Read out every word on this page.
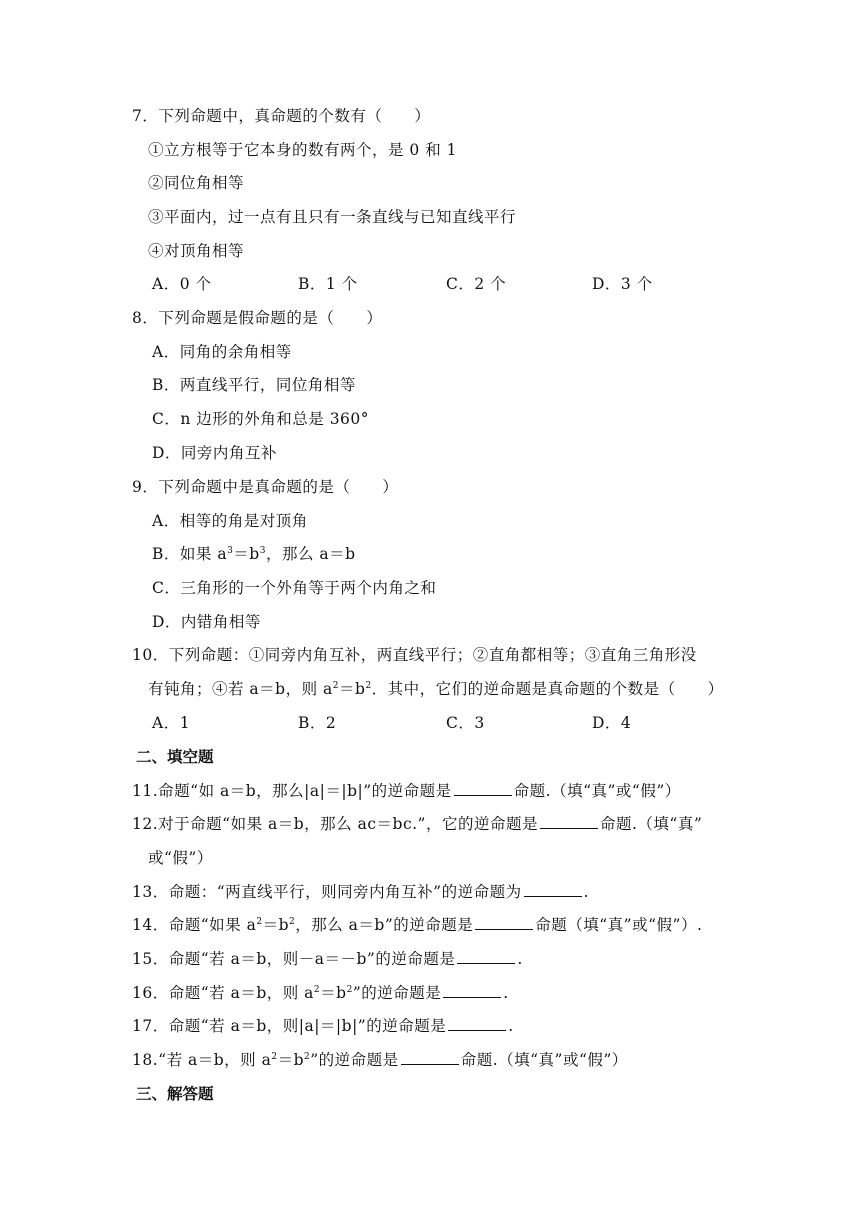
7．下列命题中，真命题的个数有（　　）
①立方根等于它本身的数有两个，是 0 和 1
②同位角相等
③平面内，过一点有且只有一条直线与已知直线平行
④对顶角相等
A．0 个	B．1 个	C．2 个	D．3 个
8．下列命题是假命题的是（　　）
A．同角的余角相等
B．两直线平行，同位角相等
C．n 边形的外角和总是 360°
D．同旁内角互补
9．下列命题中是真命题的是（　　）
A．相等的角是对顶角
B．如果 $a^3=b^3$，那么 a＝b
C．三角形的一个外角等于两个内角之和
D．内错角相等
10．下列命题：①同旁内角互补，两直线平行；②直角都相等；③直角三角形没
有钝角；④若 a＝b，则 $a^2=b^2$．其中，它们的逆命题是真命题的个数是（　　）
A．1	B．2	C．3	D．4
二、填空题
11.命题“如 a＝b，那么|a|＝|b|”的逆命题是	命题.（填“真”或“假”）
12.对于命题“如果 a＝b，那么 ac＝bc.”，它的逆命题是	命题.（填“真”
或“假”）
13．命题：“两直线平行，则同旁内角互补”的逆命题为	.
14．命题“如果 $a^2=b^2$，那么 a＝b”的逆命题是	命题（填“真”或“假”）.
15．命题“若 a＝b，则－a＝－b”的逆命题是	.
16．命题“若 a＝b，则 $a^2=b^2$”的逆命题是	.
17．命题“若 a＝b，则|a|＝|b|”的逆命题是	.
18.“若 a＝b，则 $a^2=b^2$”的逆命题是	命题.（填“真”或“假”）
三、解答题
